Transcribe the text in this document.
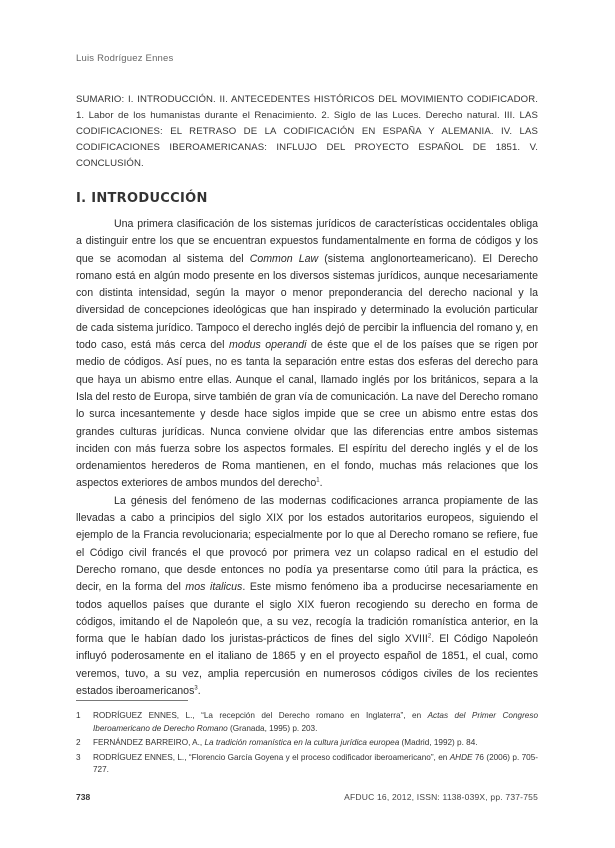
Luis Rodríguez Ennes
SUMARIO: I. INTRODUCCIÓN. II. ANTECEDENTES HISTÓRICOS DEL MOVIMIENTO CODIFICADOR. 1. Labor de los humanistas durante el Renacimiento. 2. Siglo de las Luces. Derecho natural. III. LAS CODIFICACIONES: EL RETRASO DE LA CODIFICACIÓN EN ESPAÑA Y ALEMANIA. IV. LAS CODIFICACIONES IBEROAMERICANAS: INFLUJO DEL PROYECTO ESPAÑOL DE 1851. V. CONCLUSIÓN.
I. INTRODUCCIÓN

Una primera clasificación de los sistemas jurídicos de características occidentales obliga a distinguir entre los que se encuentran expuestos fundamentalmente en forma de códigos y los que se acomodan al sistema del Common Law (sistema anglonorteamericano). El Derecho romano está en algún modo presente en los diversos sistemas jurídicos, aunque necesariamente con distinta intensidad, según la mayor o menor preponderancia del derecho nacional y la diversidad de concepciones ideológicas que han inspirado y determinado la evolución particular de cada sistema jurídico. Tampoco el derecho inglés dejó de percibir la influencia del romano y, en todo caso, está más cerca del modus operandi de éste que el de los países que se rigen por medio de códigos. Así pues, no es tanta la separación entre estas dos esferas del derecho para que haya un abismo entre ellas. Aunque el canal, llamado inglés por los británicos, separa a la Isla del resto de Europa, sirve también de gran vía de comunicación. La nave del Derecho romano lo surca incesantemente y desde hace siglos impide que se cree un abismo entre estas dos grandes culturas jurídicas. Nunca conviene olvidar que las diferencias entre ambos sistemas inciden con más fuerza sobre los aspectos formales. El espíritu del derecho inglés y el de los ordenamientos herederos de Roma mantienen, en el fondo, muchas más relaciones que los aspectos exteriores de ambos mundos del derecho$^1$.

La génesis del fenómeno de las modernas codificaciones arranca propiamente de las llevadas a cabo a principios del siglo XIX por los estados autoritarios europeos, siguiendo el ejemplo de la Francia revolucionaria; especialmente por lo que al Derecho romano se refiere, fue el Código civil francés el que provocó por primera vez un colapso radical en el estudio del Derecho romano, que desde entonces no podía ya presentarse como útil para la práctica, es decir, en la forma del mos italicus. Este mismo fenómeno iba a producirse necesariamente en todos aquellos países que durante el siglo XIX fueron recogiendo su derecho en forma de códigos, imitando el de Napoleón que, a su vez, recogía la tradición romanística anterior, en la forma que le habían dado los juristas-prácticos de fines del siglo XVIII$^2$. El Código Napoleón influyó poderosamente en el italiano de 1865 y en el proyecto español de 1851, el cual, como veremos, tuvo, a su vez, amplia repercusión en numerosos códigos civiles de los recientes estados iberoamericanos$^3$.

1	RODRÍGUEZ ENNES, L., “La recepción del Derecho romano en Inglaterra”, en Actas del Primer Congreso Iberoamericano de Derecho Romano (Granada, 1995) p. 203.
2	FERNÁNDEZ BARREIRO, A., La tradición romanística en la cultura jurídica europea (Madrid, 1992) p. 84.
3	RODRÍGUEZ ENNES, L., “Florencio García Goyena y el proceso codificador iberoamericano”, en AHDE 76 (2006) p. 705-727.
738	AFDUC 16, 2012, ISSN: 1138-039X, pp. 737-755
